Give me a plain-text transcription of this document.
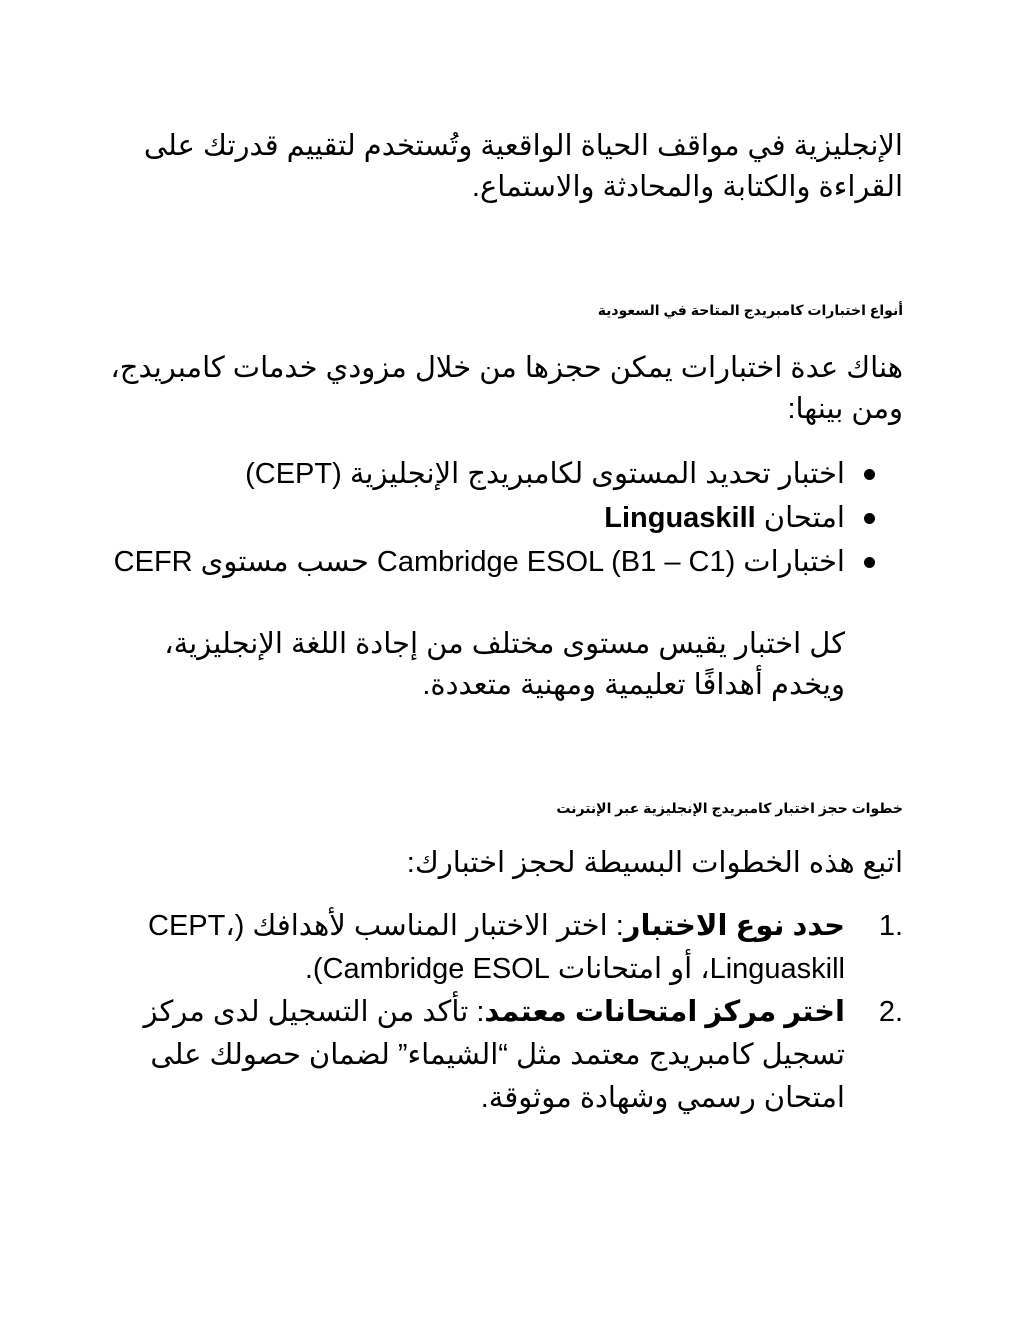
الإنجليزية في مواقف الحياة الواقعية وتُستخدم لتقييم قدرتك على القراءة والكتابة والمحادثة والاستماع.

أنواع اختبارات كامبريدج المتاحة في السعودية

هناك عدة اختبارات يمكن حجزها من خلال مزودي خدمات كامبريدج، ومن بينها:

اختبار تحديد المستوى لكامبريدج الإنجليزية (CEPT)
امتحان Linguaskill
اختبارات Cambridge ESOL (B1 – C1) حسب مستوى CEFR

كل اختبار يقيس مستوى مختلف من إجادة اللغة الإنجليزية، ويخدم أهدافًا تعليمية ومهنية متعددة.

خطوات حجز اختبار كامبريدج الإنجليزية عبر الإنترنت

اتبع هذه الخطوات البسيطة لحجز اختبارك:

1.
حدد نوع الاختبار: اختر الاختبار المناسب لأهدافك (CEPT، Linguaskill، أو امتحانات Cambridge ESOL).
2.
اختر مركز امتحانات معتمد: تأكد من التسجيل لدى مركز تسجيل كامبريدج معتمد مثل “الشيماء” لضمان حصولك على امتحان رسمي وشهادة موثوقة.
